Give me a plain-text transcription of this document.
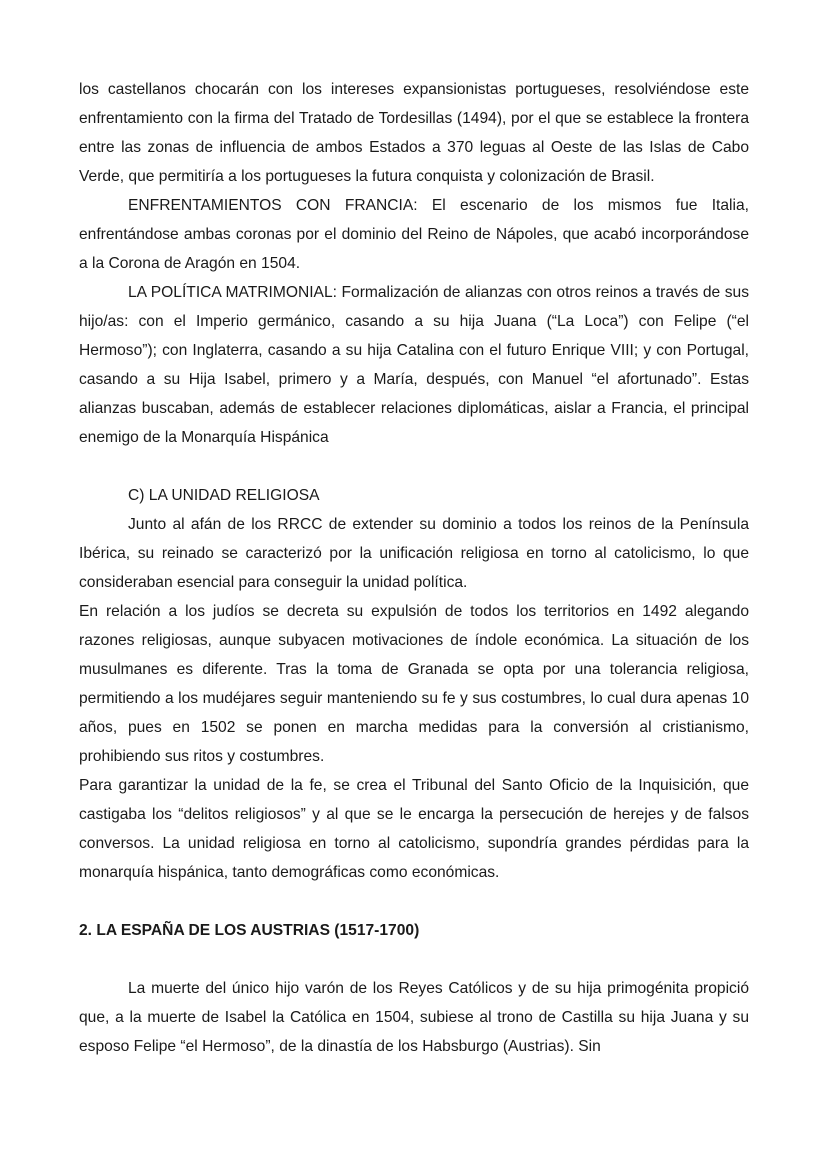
los castellanos chocarán con los intereses expansionistas portugueses, resolviéndose este enfrentamiento con la firma del Tratado de Tordesillas (1494), por el que se establece la frontera entre las zonas de influencia de ambos Estados a 370 leguas al Oeste de las Islas de Cabo Verde, que permitiría a los portugueses la futura conquista y colonización de Brasil.

ENFRENTAMIENTOS CON FRANCIA: El escenario de los mismos fue Italia, enfrentándose ambas coronas por el dominio del Reino de Nápoles, que acabó incorporándose a la Corona de Aragón en 1504.

LA POLÍTICA MATRIMONIAL: Formalización de alianzas con otros reinos a través de sus hijo/as: con el Imperio germánico, casando a su hija Juana (“La Loca”) con Felipe (“el Hermoso”); con Inglaterra, casando a su hija Catalina con el futuro Enrique VIII; y con Portugal, casando a su Hija Isabel, primero y a María, después, con Manuel “el afortunado”. Estas alianzas buscaban, además de establecer relaciones diplomáticas, aislar a Francia, el principal enemigo de la Monarquía Hispánica

C) LA UNIDAD RELIGIOSA

Junto al afán de los RRCC de extender su dominio a todos los reinos de la Península Ibérica, su reinado se caracterizó por la unificación religiosa en torno al catolicismo, lo que consideraban esencial para conseguir la unidad política.

En relación a los judíos se decreta su expulsión de todos los territorios en 1492 alegando razones religiosas, aunque subyacen motivaciones de índole económica. La situación de los musulmanes es diferente. Tras la toma de Granada se opta por una tolerancia religiosa, permitiendo a los mudéjares seguir manteniendo su fe y sus costumbres, lo cual dura apenas 10 años, pues en 1502 se ponen en marcha medidas para la conversión al cristianismo, prohibiendo sus ritos y costumbres.

Para garantizar la unidad de la fe, se crea el Tribunal del Santo Oficio de la Inquisición, que castigaba los “delitos religiosos” y al que se le encarga la persecución de herejes y de falsos conversos. La unidad religiosa en torno al catolicismo, supondría grandes pérdidas para la monarquía hispánica, tanto demográficas como económicas.

2. LA ESPAÑA DE LOS AUSTRIAS (1517-1700)

La muerte del único hijo varón de los Reyes Católicos y de su hija primogénita propició que, a la muerte de Isabel la Católica en 1504, subiese al trono de Castilla su hija Juana y su esposo Felipe “el Hermoso”, de la dinastía de los Habsburgo (Austrias). Sin
